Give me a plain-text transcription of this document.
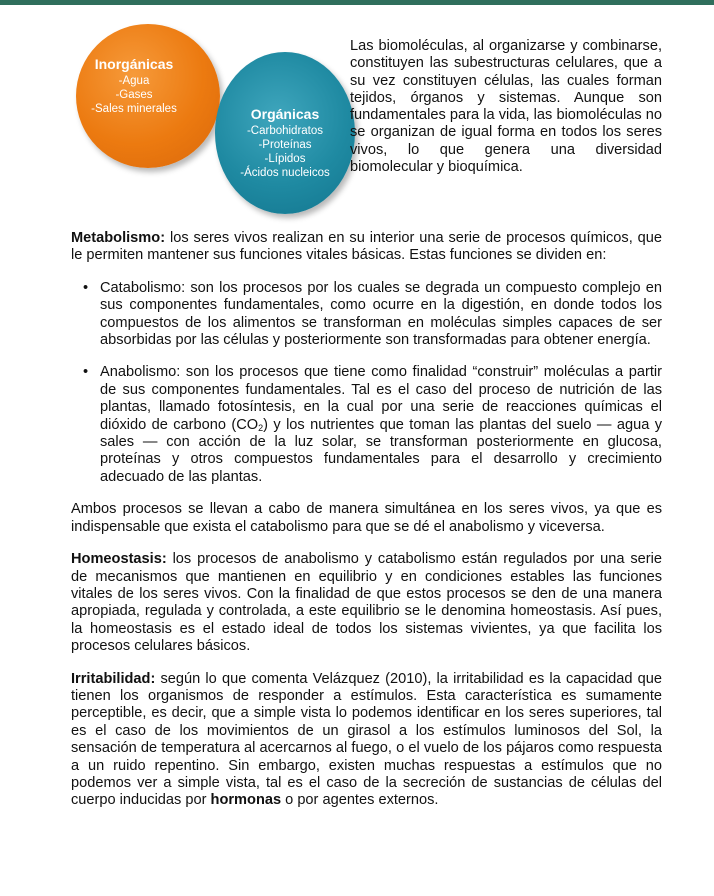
Inorgánicas
-Agua
-Gases
-Sales minerales	Orgánicas
-Carbohidratos
-Proteínas
-Lípidos
-Ácidos nucleicos

Las biomoléculas, al organizarse y combinarse, constituyen las subestructuras celulares, que a su vez constituyen células, las cuales forman tejidos, órganos y sistemas. Aunque son fundamentales para la vida, las biomoléculas no se organizan de igual forma en todos los seres vivos, lo que genera una diversidad biomolecular y bioquímica.

Metabolismo: los seres vivos realizan en su interior una serie de procesos químicos, que le permiten mantener sus funciones vitales básicas. Estas funciones se dividen en:

• Catabolismo: son los procesos por los cuales se degrada un compuesto complejo en sus componentes fundamentales, como ocurre en la digestión, en donde todos los compuestos de los alimentos se transforman en moléculas simples capaces de ser absorbidas por las células y posteriormente son transformadas para obtener energía.
• Anabolismo: son los procesos que tiene como finalidad “construir” moléculas a partir de sus componentes fundamentales. Tal es el caso del proceso de nutrición de las plantas, llamado fotosíntesis, en la cual por una serie de reacciones químicas el dióxido de carbono $(CO_2)$ y los nutrientes que toman las plantas del suelo — agua y sales — con acción de la luz solar, se transforman posteriormente en glucosa, proteínas y otros compuestos fundamentales para el desarrollo y crecimiento adecuado de las plantas.

Ambos procesos se llevan a cabo de manera simultánea en los seres vivos, ya que es indispensable que exista el catabolismo para que se dé el anabolismo y viceversa.

Homeostasis: los procesos de anabolismo y catabolismo están regulados por una serie de mecanismos que mantienen en equilibrio y en condiciones estables las funciones vitales de los seres vivos. Con la finalidad de que estos procesos se den de una manera apropiada, regulada y controlada, a este equilibrio se le denomina homeostasis. Así pues, la homeostasis es el estado ideal de todos los sistemas vivientes, ya que facilita los procesos celulares básicos.

Irritabilidad: según lo que comenta Velázquez (2010), la irritabilidad es la capacidad que tienen los organismos de responder a estímulos. Esta característica es sumamente perceptible, es decir, que a simple vista lo podemos identificar en los seres superiores, tal es el caso de los movimientos de un girasol a los estímulos luminosos del Sol, la sensación de temperatura al acercarnos al fuego, o el vuelo de los pájaros como respuesta a un ruido repentino. Sin embargo, existen muchas respuestas a estímulos que no podemos ver a simple vista, tal es el caso de la secreción de sustancias de células del cuerpo inducidas por hormonas o por agentes externos.
